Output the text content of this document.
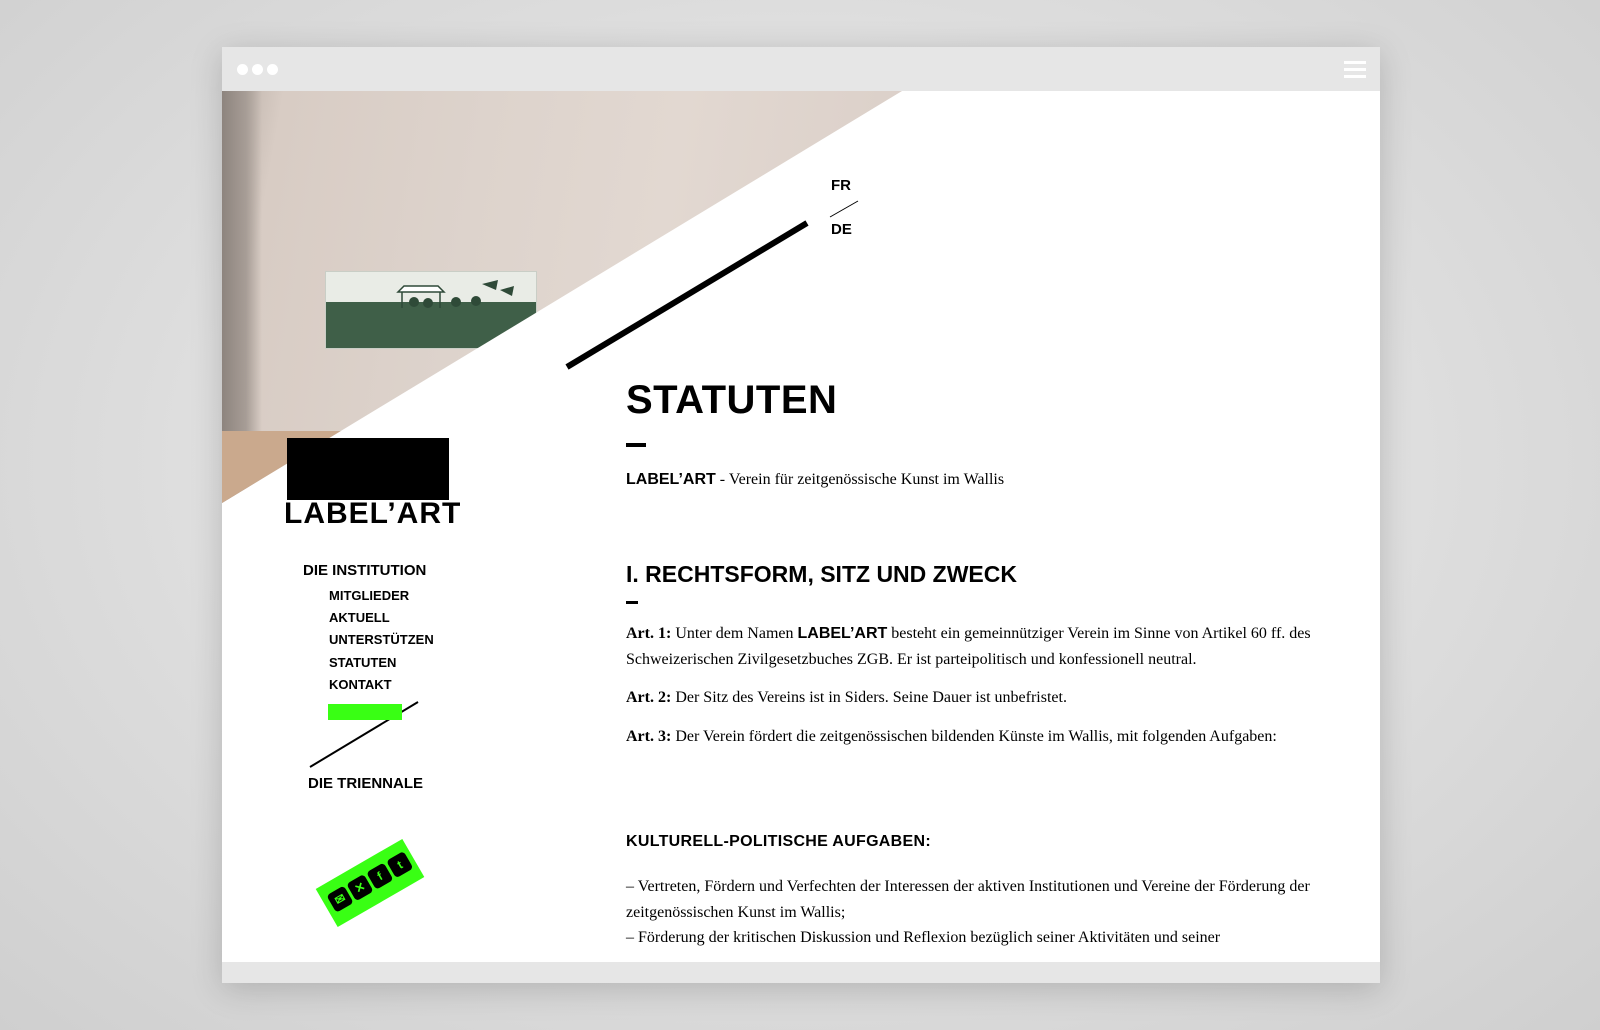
FR
DE
LABEL’ART
DIE INSTITUTION
MITGLIEDER
AKTUELL
UNTERSTÜTZEN
STATUTEN
KONTAKT
DIE TRIENNALE
✉
✕
f
t
STATUTEN
LABEL’ART - Verein für zeitgenössische Kunst im Wallis
I. RECHTSFORM, SITZ UND ZWECK
Art. 1: Unter dem Namen LABEL’ART besteht ein gemeinnütziger Verein im Sinne von Artikel 60 ff. des Schweizerischen Zivilgesetzbuches ZGB. Er ist parteipolitisch und konfessionell neutral.
Art. 2: Der Sitz des Vereins ist in Siders. Seine Dauer ist unbefristet.
Art. 3: Der Verein fördert die zeitgenössischen bildenden Künste im Wallis, mit folgenden Aufgaben:
KULTURELL-POLITISCHE AUFGABEN:
– Vertreten, Fördern und Verfechten der Interessen der aktiven Institutionen und Vereine der Förderung der zeitgenössischen Kunst im Wallis;
– Förderung der kritischen Diskussion und Reflexion bezüglich seiner Aktivitäten und seiner
